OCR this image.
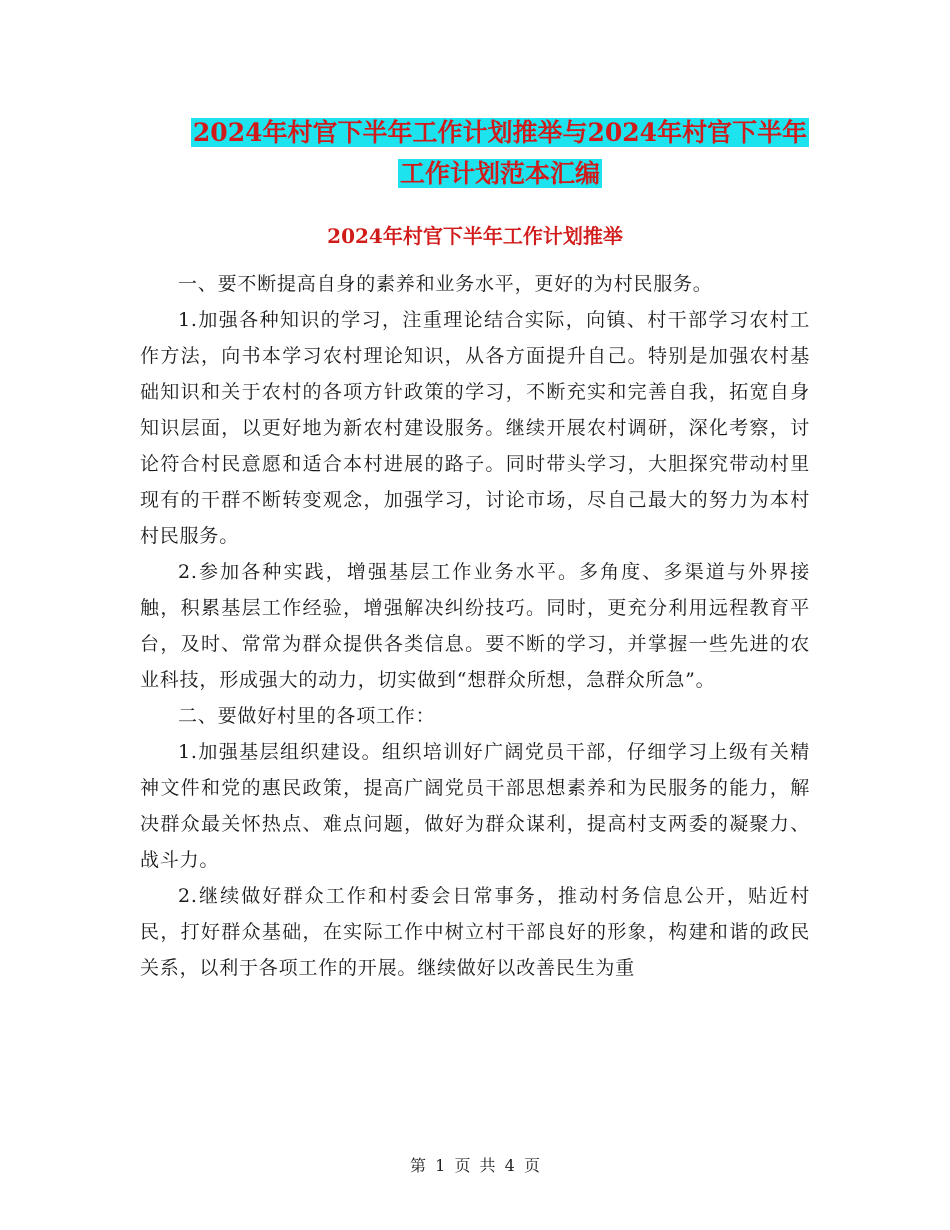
2024年村官下半年工作计划推举与2024年村官下半年
工作计划范本汇编
2024年村官下半年工作计划推举

一、要不断提高自身的素养和业务水平，更好的为村民服务。

1.加强各种知识的学习，注重理论结合实际，向镇、村干部学习农村工作方法，向书本学习农村理论知识，从各方面提升自己。特别是加强农村基础知识和关于农村的各项方针政策的学习，不断充实和完善自我，拓宽自身知识层面，以更好地为新农村建设服务。继续开展农村调研，深化考察，讨论符合村民意愿和适合本村进展的路子。同时带头学习，大胆探究带动村里现有的干群不断转变观念，加强学习，讨论市场，尽自己最大的努力为本村村民服务。

2.参加各种实践，增强基层工作业务水平。多角度、多渠道与外界接触，积累基层工作经验，增强解决纠纷技巧。同时，更充分利用远程教育平台，及时、常常为群众提供各类信息。要不断的学习，并掌握一些先进的农业科技，形成强大的动力，切实做到“想群众所想，急群众所急”。

二、要做好村里的各项工作：

1.加强基层组织建设。组织培训好广阔党员干部，仔细学习上级有关精神文件和党的惠民政策，提高广阔党员干部思想素养和为民服务的能力，解决群众最关怀热点、难点问题，做好为群众谋利，提高村支两委的凝聚力、战斗力。

2.继续做好群众工作和村委会日常事务，推动村务信息公开，贴近村民，打好群众基础，在实际工作中树立村干部良好的形象，构建和谐的政民关系，以利于各项工作的开展。继续做好以改善民生为重

第 1 页 共 4 页
